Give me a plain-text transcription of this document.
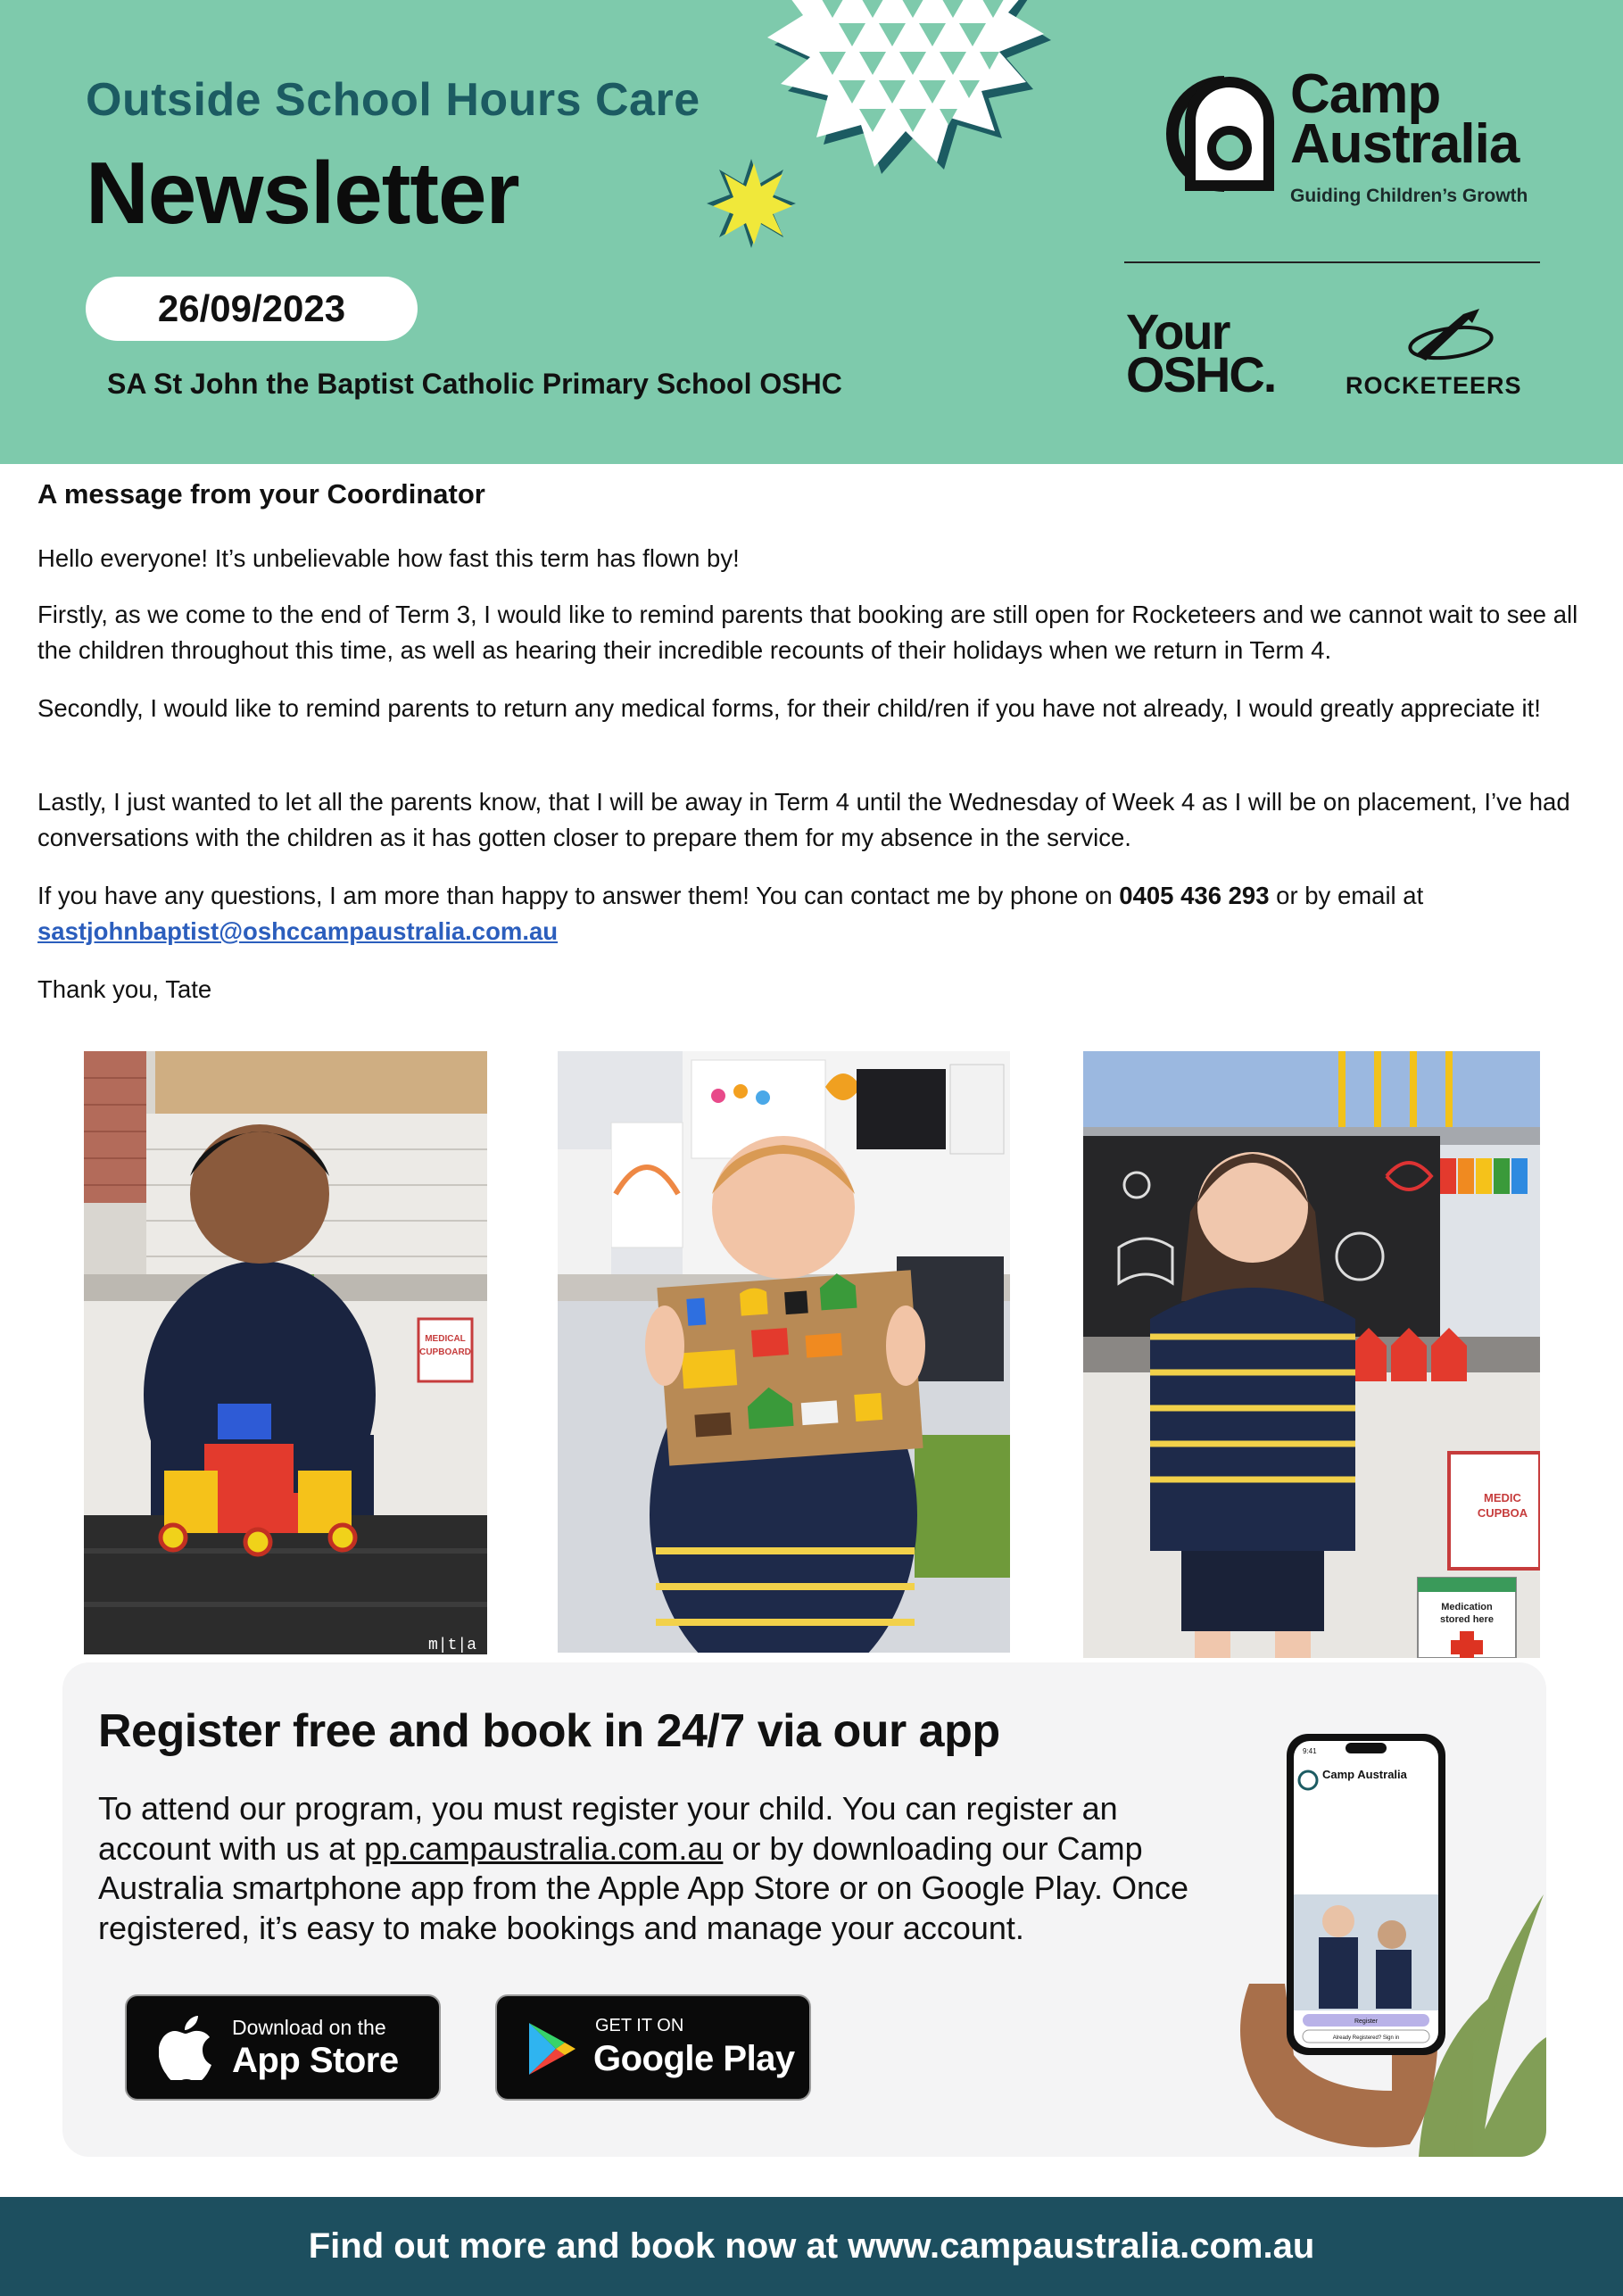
Outside School Hours Care
Newsletter
26/09/2023
SA St John the Baptist Catholic Primary School OSHC
Camp Australia
Guiding Children’s Growth
Your OSHC.	ROCKETEERS
A message from your Coordinator
Hello everyone! It’s unbelievable how fast this term has flown by!
Firstly, as we come to the end of Term 3, I would like to remind parents that booking are still open for Rocketeers and we cannot wait to see all the children throughout this time, as well as hearing their incredible recounts of their holidays when we return in Term 4.
Secondly, I would like to remind parents to return any medical forms, for their child/ren if you have not already, I would greatly appreciate it!
Lastly, I just wanted to let all the parents know, that I will be away in Term 4 until the Wednesday of Week 4 as I will be on placement, I’ve had conversations with the children as it has gotten closer to prepare them for my absence in the service.
If you have any questions, I am more than happy to answer them! You can contact me by phone on 0405 436 293 or by email at
sastjohnbaptist@oshccampaustralia.com.au
Thank you, Tate
MEDICAL
CUPBOARD
m|t|a
MEDIC
CUPBOA
Medication
stored here
9:41
Camp Australia
Register
Already Registered? Sign in
Register free and book in 24/7 via our app
To attend our program, you must register your child. You can register an account with us at pp.campaustralia.com.au or by downloading our Camp Australia smartphone app from the Apple App Store or on Google Play. Once registered, it’s easy to make bookings and manage your account.
Download on the
App Store
GET IT ON
Google Play
Find out more and book now at www.campaustralia.com.au
